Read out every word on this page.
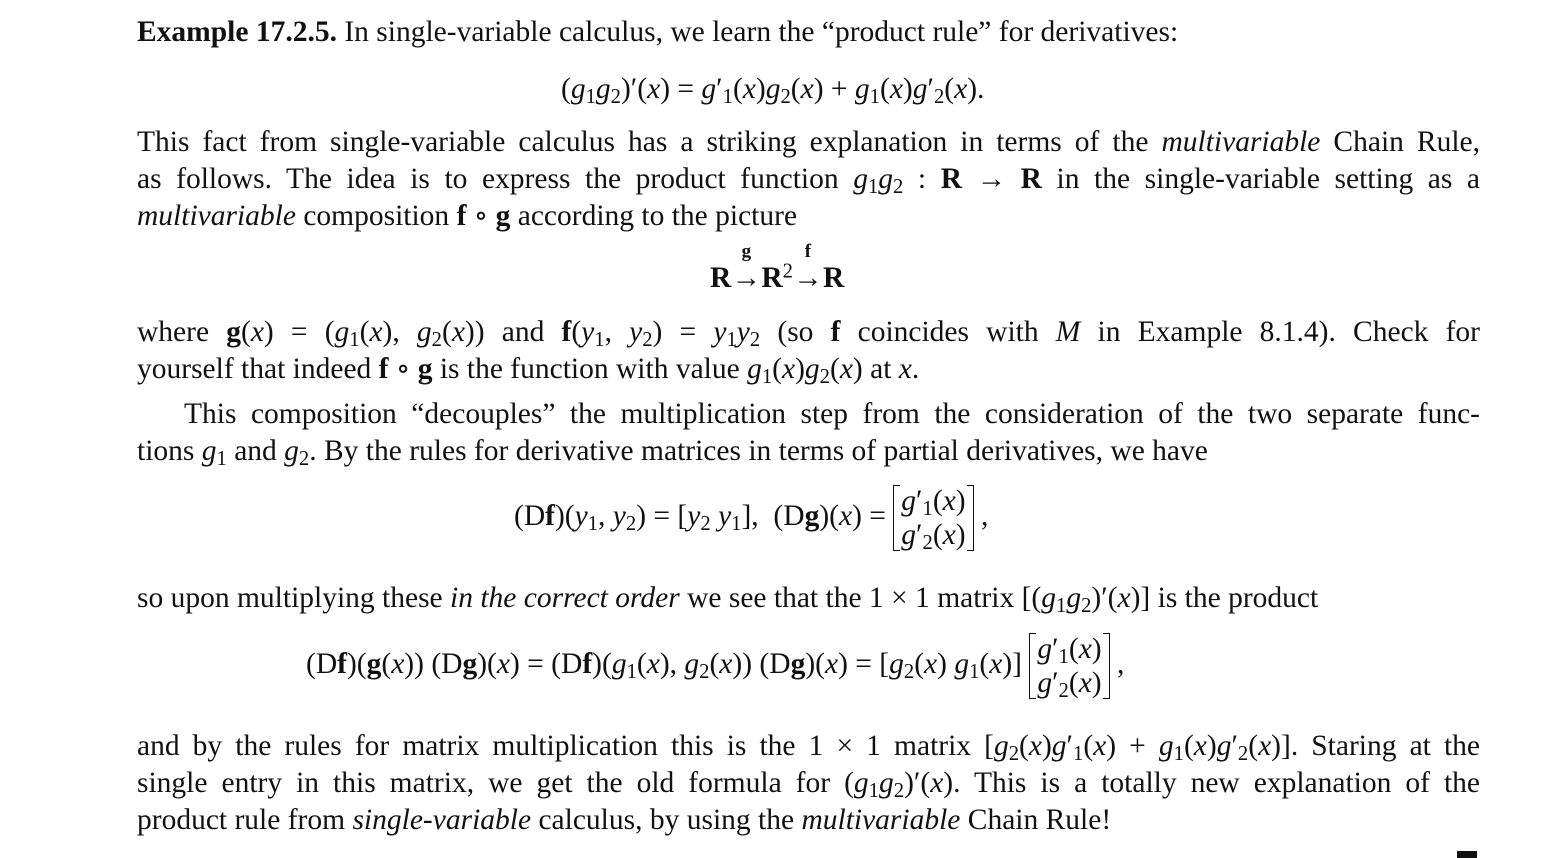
Example 17.2.5. In single-variable calculus, we learn the “product rule” for derivatives:
$(g_1g_2)'(x) = g'_1(x)g_2(x) + g_1(x)g'_2(x)$.
This fact from single-variable calculus has a striking explanation in terms of the multivariable Chain Rule,
as follows. The idea is to express the product function $g_1g_2$ : R → R in the single-variable setting as a
multivariable composition f ∘ g according to the picture
R
g
$\to R^2$
f
→R
where $g(x) = (g_1(x)$, $g_2(x)$) and $f(y_1$, $y_2) = y_1y_2$ (so f coincides with M in Example 8.1.4). Check for
yourself that indeed f ∘ g is the function with value $g_1(x)g_2(x)$ at x.
This composition “decouples” the multiplication step from the consideration of the two separate func-
tions $g_1$ and $g_2$. By the rules for derivative matrices in terms of partial derivatives, we have
$(Df)(y_1$, $y_2) = [y_2$ $y_1$],  $(Dg)(x) = g'_1(x)$
$g'_2(x)$
,
so upon multiplying these in the correct order we see that the 1 × 1 matrix $[(g_1g_2)'(x)]$ is the product
(Df)(g(x)) $(Dg)(x) = (Df)(g_1(x)$, $g_2(x)$) $(Dg)(x) = [g_2(x)$ $g_1(x)$] $g'_1(x)$
$g'_2(x)$
,
and by the rules for matrix multiplication this is the 1 × 1 matrix $[g_2(x)g'_1(x) + g_1(x)g'_2(x)]$. Staring at the
single entry in this matrix, we get the old formula for $(g_1g_2)'(x)$. This is a totally new explanation of the
product rule from single-variable calculus, by using the multivariable Chain Rule!
